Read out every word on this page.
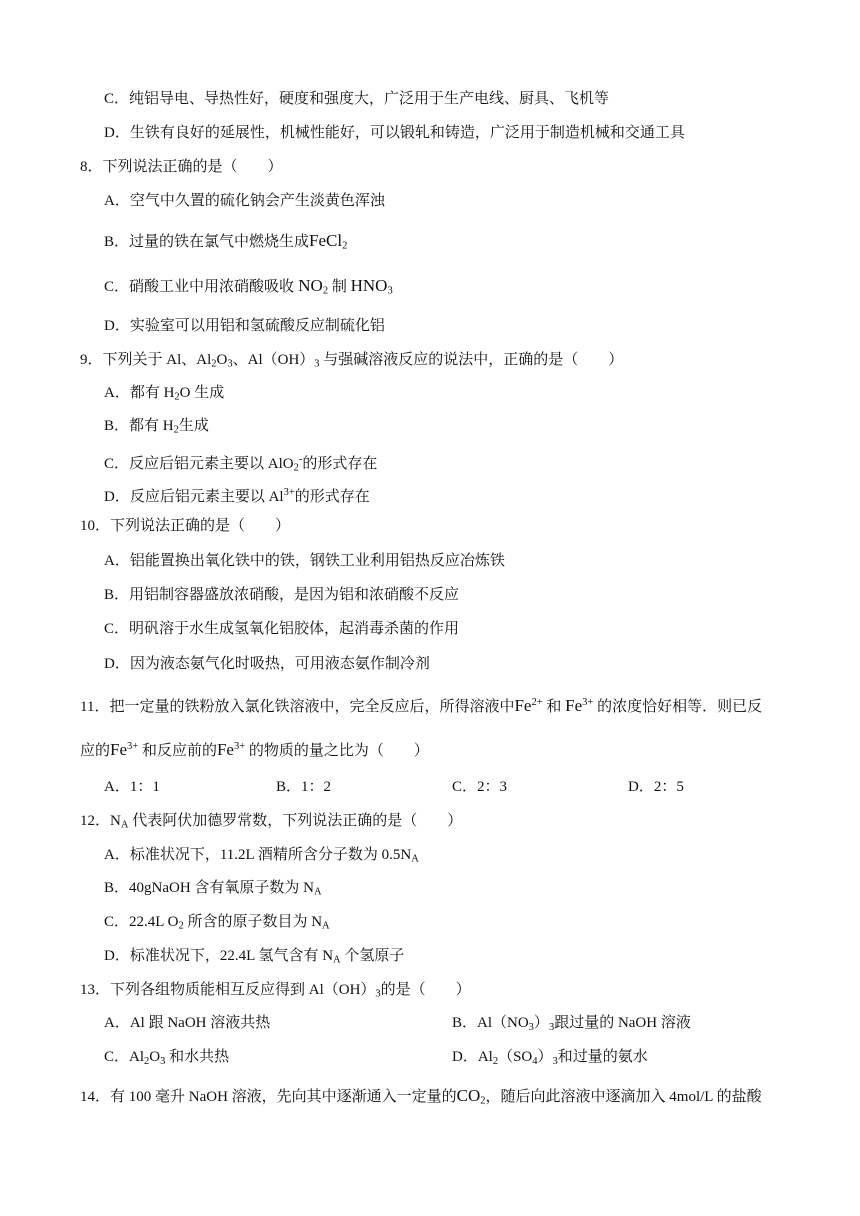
C．纯铝导电、导热性好，硬度和强度大，广泛用于生产电线、厨具、飞机等
D．生铁有良好的延展性，机械性能好，可以锻轧和铸造，广泛用于制造机械和交通工具
8．下列说法正确的是（　　）
A．空气中久置的硫化钠会产生淡黄色浑浊
B．过量的铁在氯气中燃烧生成FeCl$_2$
C．硝酸工业中用浓硝酸吸收 $NO_2$ 制 $HNO_3$
D．实验室可以用铝和氢硫酸反应制硫化铝
9．下列关于 Al、$Al_2O_3$、$Al(OH)_3$ 与强碱溶液反应的说法中，正确的是（　　）
A．都有 $H_2O$ 生成
B．都有 $H_2$生成
C．反应后铝元素主要以 AlO$_2$-的形式存在
D．反应后铝元素主要以 $Al^{3+}$的形式存在
10．下列说法正确的是（　　）
A．铝能置换出氧化铁中的铁，钢铁工业利用铝热反应冶炼铁
B．用铝制容器盛放浓硝酸，是因为铝和浓硝酸不反应
C．明矾溶于水生成氢氧化铝胶体，起消毒杀菌的作用
D．因为液态氨气化时吸热，可用液态氨作制冷剂
11．把一定量的铁粉放入氯化铁溶液中，完全反应后，所得溶液中$Fe^{2+}$ 和 $Fe^{3+}$ 的浓度恰好相等．则已反
应的$Fe^{3+}$ 和反应前的$Fe^{3+}$ 的物质的量之比为（　　）
A．1：1	B．1：2	C．2：3	D．2：5
12．$N_A$ 代表阿伏加德罗常数，下列说法正确的是（　　）
A．标准状况下，11.2L 酒精所含分子数为 $0.5N_A$
B．40gNaOH 含有氧原子数为 $N_A$
C．22.4L $O_2$ 所含的原子数目为 $N_A$
D．标准状况下，22.4L 氢气含有 $N_A$ 个氢原子
13．下列各组物质能相互反应得到 $Al(OH)_3$的是（　　）
A．Al 跟 NaOH 溶液共热	B．Al（NO3）3跟过量的 NaOH 溶液
C．Al2O3 和水共热	D．Al2（SO4）3和过量的氨水
14．有 100 毫升 NaOH 溶液，先向其中逐渐通入一定量的$CO_2$，随后向此溶液中逐滴加入 4mol/L 的盐酸
